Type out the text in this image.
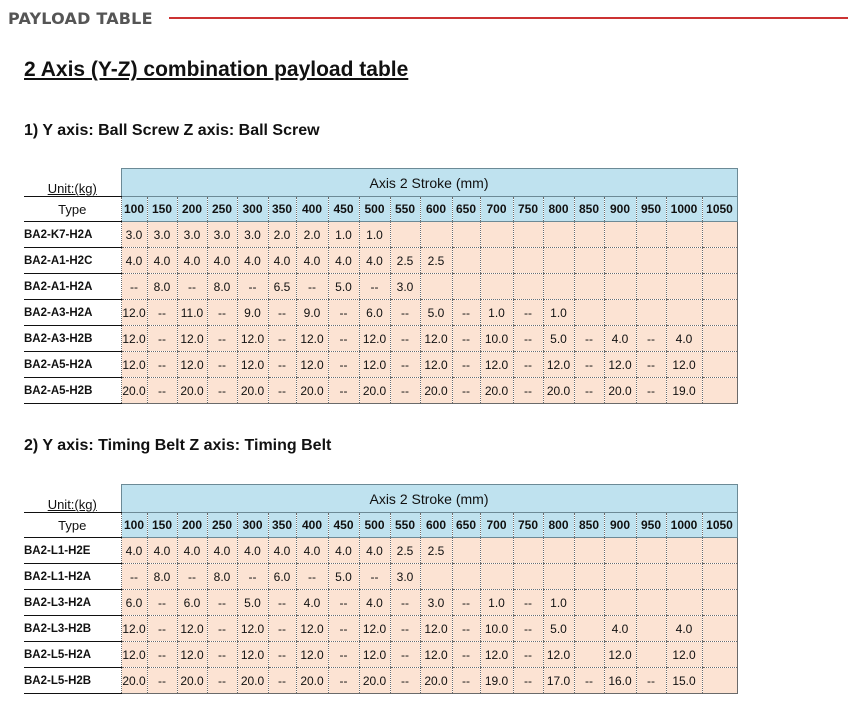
PAYLOAD TABLE
2 Axis (Y-Z) combination payload table
1) Y axis: Ball Screw Z axis: Ball Screw
Unit:(kg)	Axis 2 Stroke (mm)																			
Type	100	150	200	250	300	350	400	450	500	550	600	650	700	750	800	850	900	950	1000	1050
BA2-K7-H2A	3.0	3.0	3.0	3.0	3.0	2.0	2.0	1.0	1.0											
BA2-A1-H2C	4.0	4.0	4.0	4.0	4.0	4.0	4.0	4.0	4.0	2.5	2.5									
BA2-A1-H2A	--	8.0	--	8.0	--	6.5	--	5.0	--	3.0										
BA2-A3-H2A	12.0	--	11.0	--	9.0	--	9.0	--	6.0	--	5.0	--	1.0	--	1.0					
BA2-A3-H2B	12.0	--	12.0	--	12.0	--	12.0	--	12.0	--	12.0	--	10.0	--	5.0	--	4.0	--	4.0	
BA2-A5-H2A	12.0	--	12.0	--	12.0	--	12.0	--	12.0	--	12.0	--	12.0	--	12.0	--	12.0	--	12.0	
BA2-A5-H2B	20.0	--	20.0	--	20.0	--	20.0	--	20.0	--	20.0	--	20.0	--	20.0	--	20.0	--	19.0	
2) Y axis: Timing Belt Z axis: Timing Belt
Unit:(kg)	Axis 2 Stroke (mm)																			
Type	100	150	200	250	300	350	400	450	500	550	600	650	700	750	800	850	900	950	1000	1050
BA2-L1-H2E	4.0	4.0	4.0	4.0	4.0	4.0	4.0	4.0	4.0	2.5	2.5									
BA2-L1-H2A	--	8.0	--	8.0	--	6.0	--	5.0	--	3.0										
BA2-L3-H2A	6.0	--	6.0	--	5.0	--	4.0	--	4.0	--	3.0	--	1.0	--	1.0					
BA2-L3-H2B	12.0	--	12.0	--	12.0	--	12.0	--	12.0	--	12.0	--	10.0	--	5.0		4.0		4.0	
BA2-L5-H2A	12.0	--	12.0	--	12.0	--	12.0	--	12.0	--	12.0	--	12.0	--	12.0		12.0		12.0	
BA2-L5-H2B	20.0	--	20.0	--	20.0	--	20.0	--	20.0	--	20.0	--	19.0	--	17.0	--	16.0	--	15.0	
